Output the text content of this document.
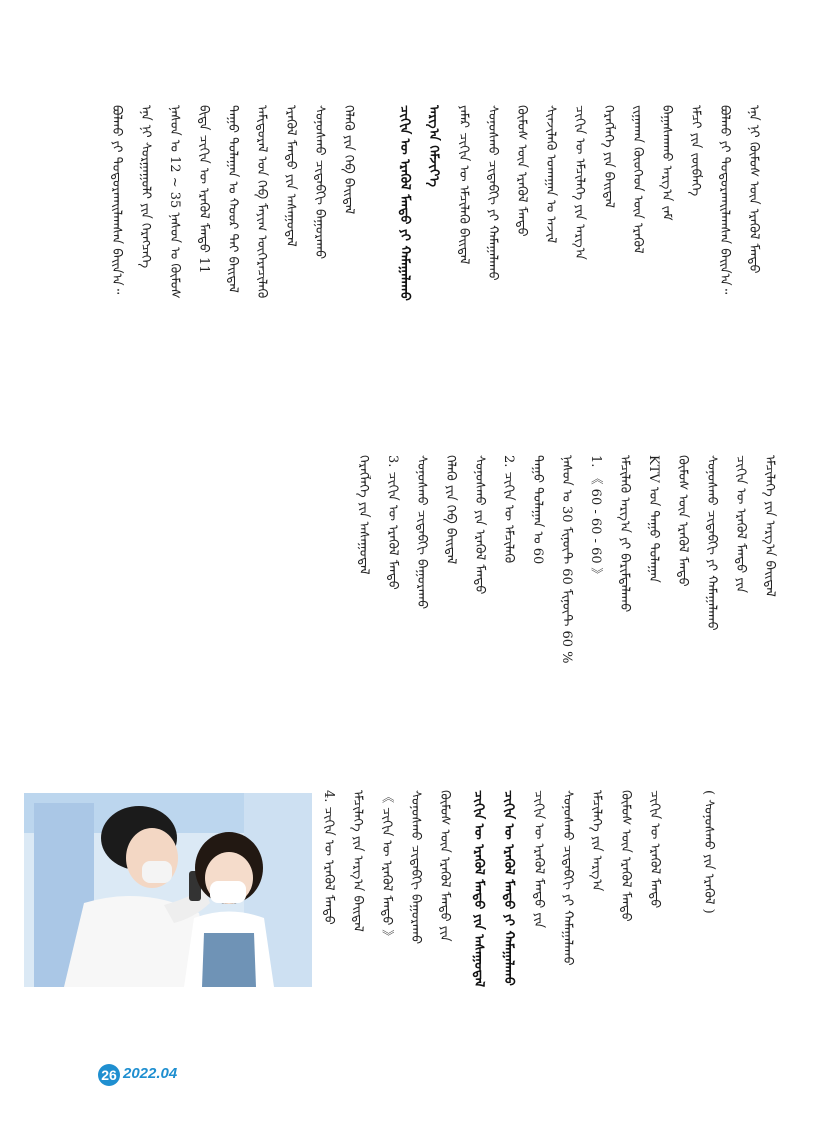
ᠪᠣᠯᠬᠤ ᠶᠢ ᠲᠣᠳᠤᠷᠬᠠᠢᠯᠠᠭᠰᠠᠨ ᠪᠠᠢᠨ᠎ᠠ᠃ ᠡᠨᠡ ᠨᠢ ᠰᠤᠷᠭᠠᠭᠤᠯᠢ ᠶᠢᠨ ᠬᠡᠷᠡᠭᠴᠡᠭᠡ ᠨᠠᠰᠤᠨ ᠤ 12 ~ 35 ᠨᠠᠰᠤᠨ ᠤ ᠬᠦᠮᠦᠰ ᠪᠢᠳᠡ ᠴᠢᠬᠢᠨ ᠦ ᠡᠷᠡᠭᠦᠯ ᠮᠡᠨᠳᠦ 11 ᠳᠠᠭᠤ ᠳᠤᠯᠠᠭᠠᠨ ᠤ ᠬᠣᠣᠷ ᠲᠠᠢ ᠪᠠᠢᠳᠠᠯ ᠠᠮᠢᠳᠤᠷᠠᠯ ᠤᠨ ᠬᠡᠪ ᠮᠠᠶᠢᠭ ᠥᠭᠡᠷᠡᠴᠢᠯᠡᠬᠦ ᠡᠷᠡᠭᠦᠯ ᠮᠡᠨᠳᠦ ᠶᠢᠨ ᠠᠰᠠᠭᠤᠳᠠᠯ ᠰᠣᠨᠣᠰᠬᠤ ᠴᠢᠳᠠᠪᠬᠢ ᠪᠠᠭᠤᠷᠠᠬᠤ ᠬᠡᠯᠡᠬᠦ ᠶᠢᠨ ᠬᠡᠪ ᠪᠠᠢᠳᠠᠯ	ᠴᠢᠬᠢᠨ ᠦ ᠡᠷᠡᠭᠦᠯ ᠮᠡᠨᠳᠦ ᠶᠢ ᠬᠠᠮᠠᠭᠠᠯᠠᠬᠤ ᠠᠷᠭ᠎ᠠ ᠬᠡᠮᠵᠢᠶ᠎ᠡ ᠶᠠᠮᠠᠷ ᠴᠢᠬᠢᠨ ᠦ ᠡᠮᠴᠢᠯᠡᠬᠦ ᠪᠠᠢᠳᠠᠯ ᠰᠣᠨᠣᠰᠬᠤ ᠴᠢᠳᠠᠪᠬᠢ ᠶᠢ ᠬᠠᠮᠠᠭᠠᠯᠠᠬᠤ ᠬᠦᠮᠦᠰ ᠦᠨ ᠡᠷᠡᠭᠦᠯ ᠮᠡᠨᠳᠦ ᠰᠢᠨᠵᠢᠯᠡᠬᠦ ᠤᠬᠠᠭᠠᠨ ᠤ ᠠᠵᠢᠯ ᠴᠢᠬᠢᠨ ᠦ ᠡᠮᠴᠢᠯᠡᠭᠡ ᠶᠢᠨ ᠠᠷᠭ᠎ᠠ ᠬᠡᠷᠡᠭᠯᠡᠭᠡ ᠶᠢᠨ ᠪᠠᠢᠳᠠᠯ ᠵᠢᠭᠠᠬᠠᠨ ᠬᠦᠦᠬᠡᠳ ᠦᠨ ᠡᠷᠡᠭᠦᠯ ᠪᠠᠭᠠᠰᠬᠠᠬᠤ ᠠᠷᠭ᠎ᠠ ᠵᠠᠮ ᠡᠮᠴᠢ ᠶᠢᠨ ᠵᠥᠪᠯᠡᠭᠡ ᠪᠣᠯᠬᠤ ᠶᠢ ᠲᠣᠳᠤᠷᠬᠠᠢᠯᠠᠭᠰᠠᠨ ᠪᠠᠢᠨ᠎ᠠ᠃ ᠡᠨᠡ ᠨᠢ ᠬᠦᠮᠦᠰ ᠦᠨ ᠡᠷᠡᠭᠦᠯ ᠮᠡᠨᠳᠦ
ᠬᠡᠷᠡᠭᠯᠡᠭᠡ ᠶᠢᠨ ᠠᠰᠠᠭᠤᠳᠠᠯ 3. ᠴᠢᠬᠢᠨ ᠦ ᠡᠷᠡᠭᠦᠯ ᠮᠡᠨᠳᠦ ᠰᠣᠨᠣᠰᠬᠤ ᠴᠢᠳᠠᠪᠬᠢ ᠪᠠᠭᠤᠷᠠᠬᠤ ᠬᠡᠯᠡᠬᠦ ᠶᠢᠨ ᠬᠡᠪ ᠪᠠᠢᠳᠠᠯ ᠰᠣᠨᠣᠰᠬᠤ ᠶᠢᠨ ᠡᠷᠡᠭᠦᠯ ᠮᠡᠨᠳᠦ 2. ᠴᠢᠬᠢᠨ ᠦ ᠡᠮᠴᠢᠯᠡᠬᠦ ᠳᠠᠭᠤ ᠳᠤᠯᠠᠭᠠᠨ ᠤ 60 ᠨᠠᠰᠤᠨ ᠤ 30 ᠮᠢᠨᠦ᠋ᠲ 60 ᠮᠢᠨᠦ᠋ᠲ 60 % 1. 《 60 - 60 - 60 》 ᠡᠮᠴᠢᠯᠡᠬᠦ ᠠᠷᠭ᠎ᠠ ᠶᠢ ᠪᠠᠷᠢᠮᠲᠠᠯᠠᠬᠤ KTV ᠤᠨ ᠳᠠᠭᠤ ᠳᠤᠯᠠᠭᠠᠨ ᠬᠦᠮᠦᠰ ᠦᠨ ᠡᠷᠡᠭᠦᠯ ᠮᠡᠨᠳᠦ ᠰᠣᠨᠣᠰᠬᠤ ᠴᠢᠳᠠᠪᠬᠢ ᠶᠢ ᠬᠠᠮᠠᠭᠠᠯᠠᠬᠤ ᠴᠢᠬᠢᠨ ᠦ ᠡᠷᠡᠭᠦᠯ ᠮᠡᠨᠳᠦ ᠶᠢᠨ ᠡᠮᠴᠢᠯᠡᠭᠡ ᠶᠢᠨ ᠠᠷᠭ᠎ᠠ ᠪᠠᠢᠳᠠᠯ
4. ᠴᠢᠬᠢᠨ ᠦ ᠡᠷᠡᠭᠦᠯ ᠮᠡᠨᠳᠦ ᠡᠮᠴᠢᠯᠡᠭᠡ ᠶᠢᠨ ᠠᠷᠭ᠎ᠠ ᠪᠠᠢᠳᠠᠯ 《 ᠴᠢᠬᠢᠨ ᠦ ᠡᠷᠡᠭᠦᠯ ᠮᠡᠨᠳᠦ 》 ᠰᠣᠨᠣᠰᠬᠤ ᠴᠢᠳᠠᠪᠬᠢ ᠪᠠᠭᠤᠷᠠᠬᠤ ᠬᠦᠮᠦᠰ ᠦᠨ ᠡᠷᠡᠭᠦᠯ ᠮᠡᠨᠳᠦ ᠶᠢᠨ ᠴᠢᠬᠢᠨ ᠦ ᠡᠷᠡᠭᠦᠯ ᠮᠡᠨᠳᠦ ᠶᠢᠨ ᠠᠰᠠᠭᠤᠳᠠᠯ ᠴᠢᠬᠢᠨ ᠦ ᠡᠷᠡᠭᠦᠯ ᠮᠡᠨᠳᠦ ᠶᠢ ᠬᠠᠮᠠᠭᠠᠯᠠᠬᠤ ᠴᠢᠬᠢᠨ ᠦ ᠡᠷᠡᠭᠦᠯ ᠮᠡᠨᠳᠦ ᠶᠢᠨ ᠰᠣᠨᠣᠰᠬᠤ ᠴᠢᠳᠠᠪᠬᠢ ᠶᠢ ᠬᠠᠮᠠᠭᠠᠯᠠᠬᠤ ᠡᠮᠴᠢᠯᠡᠭᠡ ᠶᠢᠨ ᠠᠷᠭ᠎ᠠ ᠬᠦᠮᠦᠰ ᠦᠨ ᠡᠷᠡᠭᠦᠯ ᠮᠡᠨᠳᠦ ᠴᠢᠬᠢᠨ ᠦ ᠡᠷᠡᠭᠦᠯ ᠮᠡᠨᠳᠦ	( ᠰᠣᠨᠣᠰᠬᠤ ᠶᠢᠨ ᠡᠷᠡᠭᠦᠯ )
26 2022.04
